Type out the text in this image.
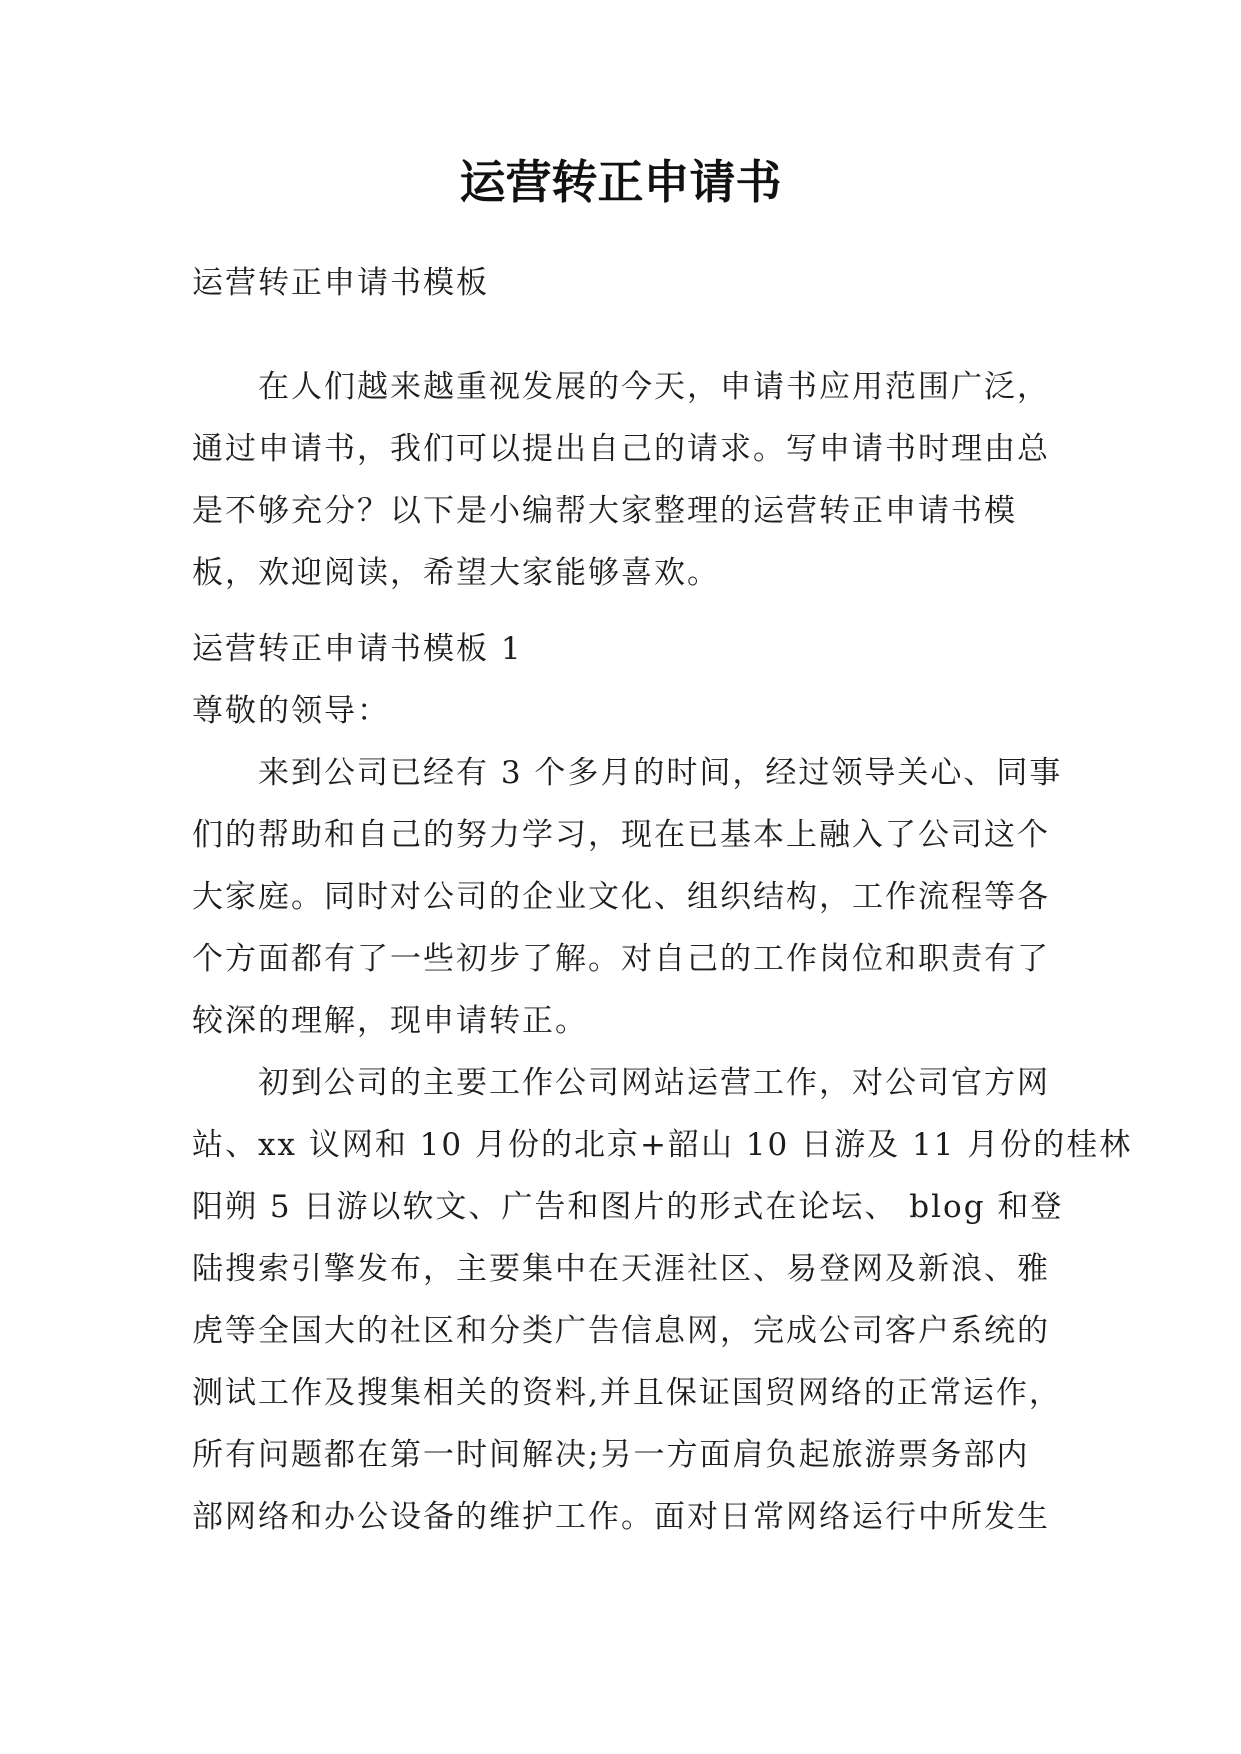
运营转正申请书
运营转正申请书模板
在人们越来越重视发展的今天，申请书应用范围广泛，
通过申请书，我们可以提出自己的请求。写申请书时理由总
是不够充分？以下是小编帮大家整理的运营转正申请书模
板，欢迎阅读，希望大家能够喜欢。
运营转正申请书模板 1
尊敬的领导：
来到公司已经有 3 个多月的时间，经过领导关心、同事
们的帮助和自己的努力学习，现在已基本上融入了公司这个
大家庭。同时对公司的企业文化、组织结构，工作流程等各
个方面都有了一些初步了解。对自己的工作岗位和职责有了
较深的理解，现申请转正。
初到公司的主要工作公司网站运营工作，对公司官方网
站、xx 议网和 10 月份的北京+韶山 10 日游及 11 月份的桂林
阳朔 5 日游以软文、广告和图片的形式在论坛、 blog 和登
陆搜索引擎发布，主要集中在天涯社区、易登网及新浪、雅
虎等全国大的社区和分类广告信息网，完成公司客户系统的
测试工作及搜集相关的资料,并且保证国贸网络的正常运作，
所有问题都在第一时间解决;另一方面肩负起旅游票务部内
部网络和办公设备的维护工作。面对日常网络运行中所发生
